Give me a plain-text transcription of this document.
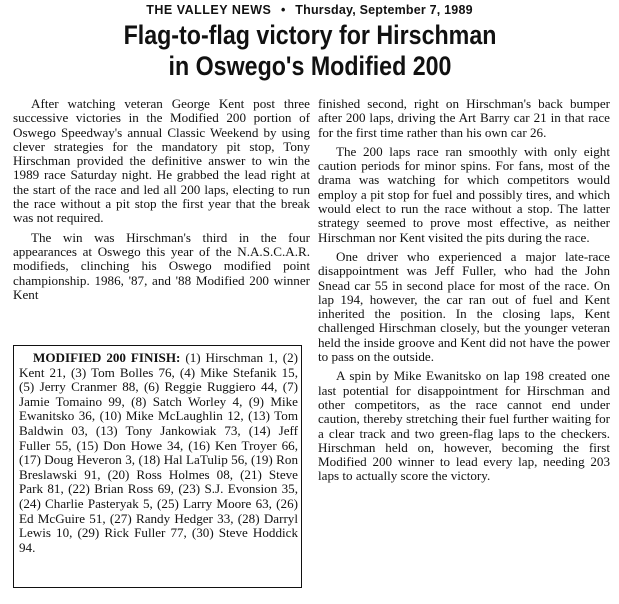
THE VALLEY NEWS • Thursday, September 7, 1989
Flag-to-flag victory for Hirschman
in Oswego's Modified 200

After watching veteran George Kent post three successive victories in the Modified 200 portion of Oswego Speedway's annual Classic Weekend by using clever strategies for the mandatory pit stop, Tony Hirschman provided the definitive answer to win the 1989 race Saturday night. He grabbed the lead right at the start of the race and led all 200 laps, electing to run the race without a pit stop the first year that the break was not required.

The win was Hirschman's third in the four appearances at Oswego this year of the N.A.S.C.A.R. modifieds, clinching his Oswego modified point championship. 1986, '87, and '88 Modified 200 winner Kent

MODIFIED 200 FINISH: (1) Hirschman 1, (2) Kent 21, (3) Tom Bolles 76, (4) Mike Stefanik 15, (5) Jerry Cranmer 88, (6) Reggie Ruggiero 44, (7) Jamie Tomaino 99, (8) Satch Worley 4, (9) Mike Ewanitsko 36, (10) Mike McLaughlin 12, (13) Tom Baldwin 03, (13) Tony Jankowiak 73, (14) Jeff Fuller 55, (15) Don Howe 34, (16) Ken Troyer 66, (17) Doug Heveron 3, (18) Hal LaTulip 56, (19) Ron Breslawski 91, (20) Ross Holmes 08, (21) Steve Park 81, (22) Brian Ross 69, (23) S.J. Evonsion 35, (24) Charlie Pasteryak 5, (25) Larry Moore 63, (26) Ed McGuire 51, (27) Randy Hedger 33, (28) Darryl Lewis 10, (29) Rick Fuller 77, (30) Steve Hoddick 94.

finished second, right on Hirschman's back bumper after 200 laps, driving the Art Barry car 21 in that race for the first time rather than his own car 26.

The 200 laps race ran smoothly with only eight caution periods for minor spins. For fans, most of the drama was watching for which competitors would employ a pit stop for fuel and possibly tires, and which would elect to run the race without a stop. The latter strategy seemed to prove most effective, as neither Hirschman nor Kent visited the pits during the race.

One driver who experienced a major late-race disappointment was Jeff Fuller, who had the John Snead car 55 in second place for most of the race. On lap 194, however, the car ran out of fuel and Kent inherited the position. In the closing laps, Kent challenged Hirschman closely, but the younger veteran held the inside groove and Kent did not have the power to pass on the outside.

A spin by Mike Ewanitsko on lap 198 created one last potential for disappointment for Hirschman and other competitors, as the race cannot end under caution, thereby stretching their fuel further waiting for a clear track and two green-flag laps to the checkers. Hirschman held on, however, becoming the first Modified 200 winner to lead every lap, needing 203 laps to actually score the victory.
